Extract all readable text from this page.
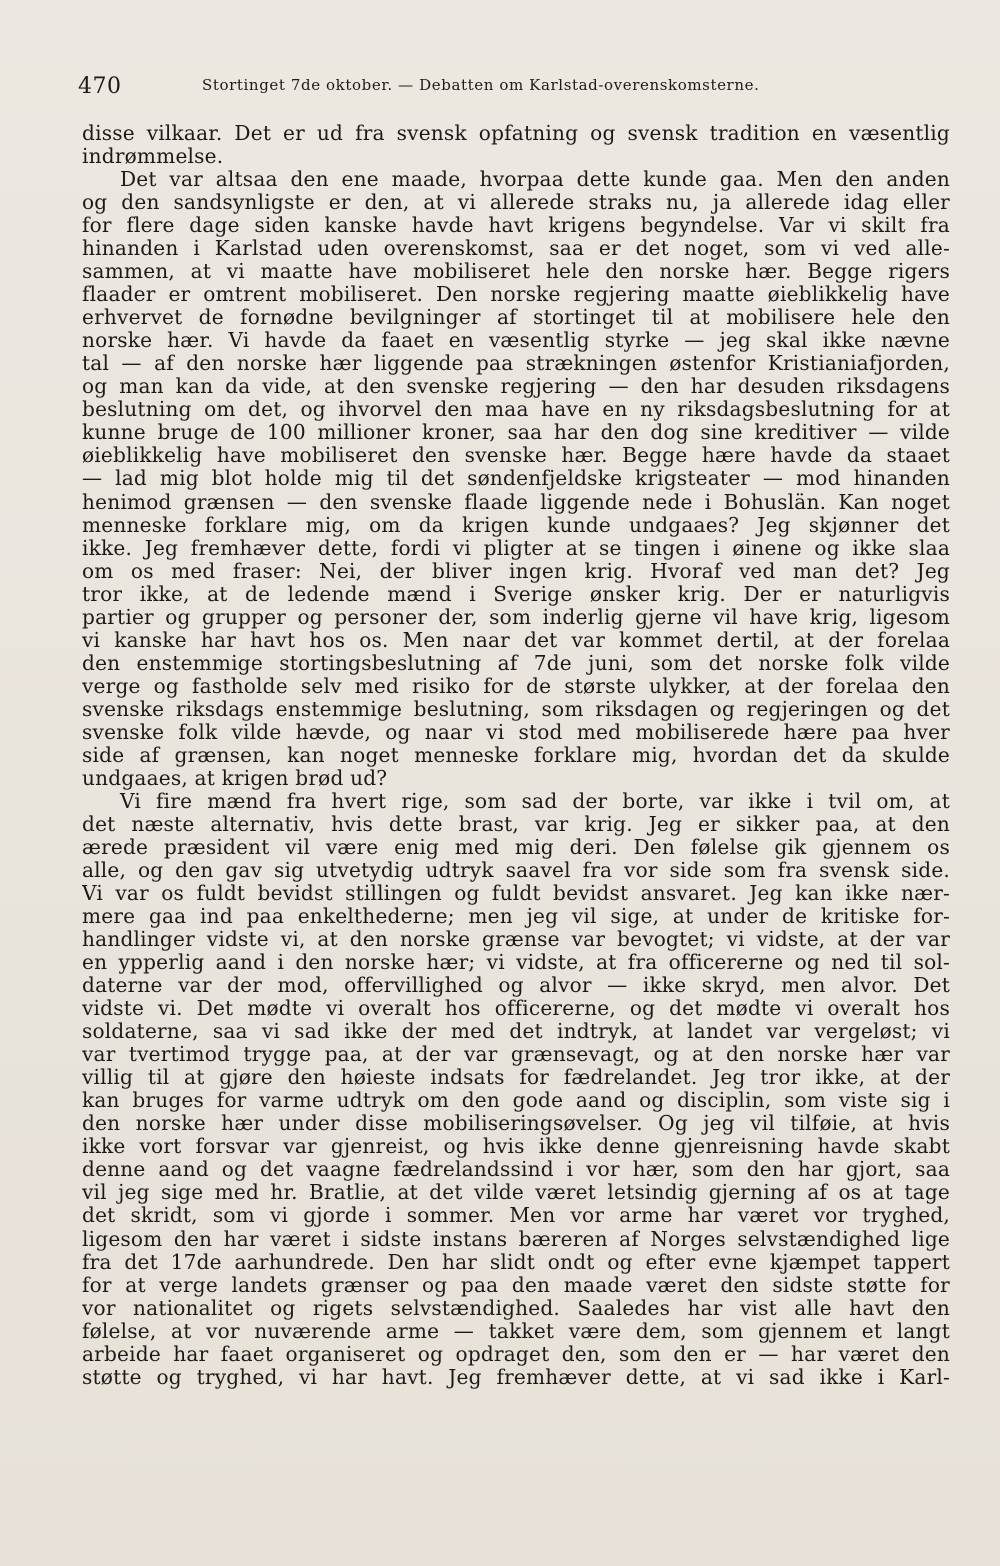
470	Stortinget 7de oktober. — Debatten om Karlstad-overenskomsterne.
disse vilkaar. Det er ud fra svensk opfatning og svensk tradition en væsentlig
indrømmelse.
Det var altsaa den ene maade, hvorpaa dette kunde gaa. Men den anden
og den sandsynligste er den, at vi allerede straks nu, ja allerede idag eller
for flere dage siden kanske havde havt krigens begyndelse. Var vi skilt fra
hinanden i Karlstad uden overenskomst, saa er det noget, som vi ved alle-
sammen, at vi maatte have mobiliseret hele den norske hær. Begge rigers
flaader er omtrent mobiliseret. Den norske regjering maatte øieblikkelig have
erhvervet de fornødne bevilgninger af stortinget til at mobilisere hele den
norske hær. Vi havde da faaet en væsentlig styrke — jeg skal ikke nævne
tal — af den norske hær liggende paa strækningen østenfor Kristianiafjorden,
og man kan da vide, at den svenske regjering — den har desuden riksdagens
beslutning om det, og ihvorvel den maa have en ny riksdagsbeslutning for at
kunne bruge de 100 millioner kroner, saa har den dog sine kreditiver — vilde
øieblikkelig have mobiliseret den svenske hær. Begge hære havde da staaet
— lad mig blot holde mig til det søndenfjeldske krigsteater — mod hinanden
henimod grænsen — den svenske flaade liggende nede i Bohuslän. Kan noget
menneske forklare mig, om da krigen kunde undgaaes? Jeg skjønner det
ikke. Jeg fremhæver dette, fordi vi pligter at se tingen i øinene og ikke slaa
om os med fraser: Nei, der bliver ingen krig. Hvoraf ved man det? Jeg
tror ikke, at de ledende mænd i Sverige ønsker krig. Der er naturligvis
partier og grupper og personer der, som inderlig gjerne vil have krig, ligesom
vi kanske har havt hos os. Men naar det var kommet dertil, at der forelaa
den enstemmige stortingsbeslutning af 7de juni, som det norske folk vilde
verge og fastholde selv med risiko for de største ulykker, at der forelaa den
svenske riksdags enstemmige beslutning, som riksdagen og regjeringen og det
svenske folk vilde hævde, og naar vi stod med mobiliserede hære paa hver
side af grænsen, kan noget menneske forklare mig, hvordan det da skulde
undgaaes, at krigen brød ud?
Vi fire mænd fra hvert rige, som sad der borte, var ikke i tvil om, at
det næste alternativ, hvis dette brast, var krig. Jeg er sikker paa, at den
ærede præsident vil være enig med mig deri. Den følelse gik gjennem os
alle, og den gav sig utvetydig udtryk saavel fra vor side som fra svensk side.
Vi var os fuldt bevidst stillingen og fuldt bevidst ansvaret. Jeg kan ikke nær-
mere gaa ind paa enkelthederne; men jeg vil sige, at under de kritiske for-
handlinger vidste vi, at den norske grænse var bevogtet; vi vidste, at der var
en ypperlig aand i den norske hær; vi vidste, at fra officererne og ned til sol-
daterne var der mod, offervillighed og alvor — ikke skryd, men alvor. Det
vidste vi. Det mødte vi overalt hos officererne, og det mødte vi overalt hos
soldaterne, saa vi sad ikke der med det indtryk, at landet var vergeløst; vi
var tvertimod trygge paa, at der var grænsevagt, og at den norske hær var
villig til at gjøre den høieste indsats for fædrelandet. Jeg tror ikke, at der
kan bruges for varme udtryk om den gode aand og disciplin, som viste sig i
den norske hær under disse mobiliseringsøvelser. Og jeg vil tilføie, at hvis
ikke vort forsvar var gjenreist, og hvis ikke denne gjenreisning havde skabt
denne aand og det vaagne fædrelandssind i vor hær, som den har gjort, saa
vil jeg sige med hr. Bratlie, at det vilde været letsindig gjerning af os at tage
det skridt, som vi gjorde i sommer. Men vor arme har været vor tryghed,
ligesom den har været i sidste instans bæreren af Norges selvstændighed lige
fra det 17de aarhundrede. Den har slidt ondt og efter evne kjæmpet tappert
for at verge landets grænser og paa den maade været den sidste støtte for
vor nationalitet og rigets selvstændighed. Saaledes har vist alle havt den
følelse, at vor nuværende arme — takket være dem, som gjennem et langt
arbeide har faaet organiseret og opdraget den, som den er — har været den
støtte og tryghed, vi har havt. Jeg fremhæver dette, at vi sad ikke i Karl-
